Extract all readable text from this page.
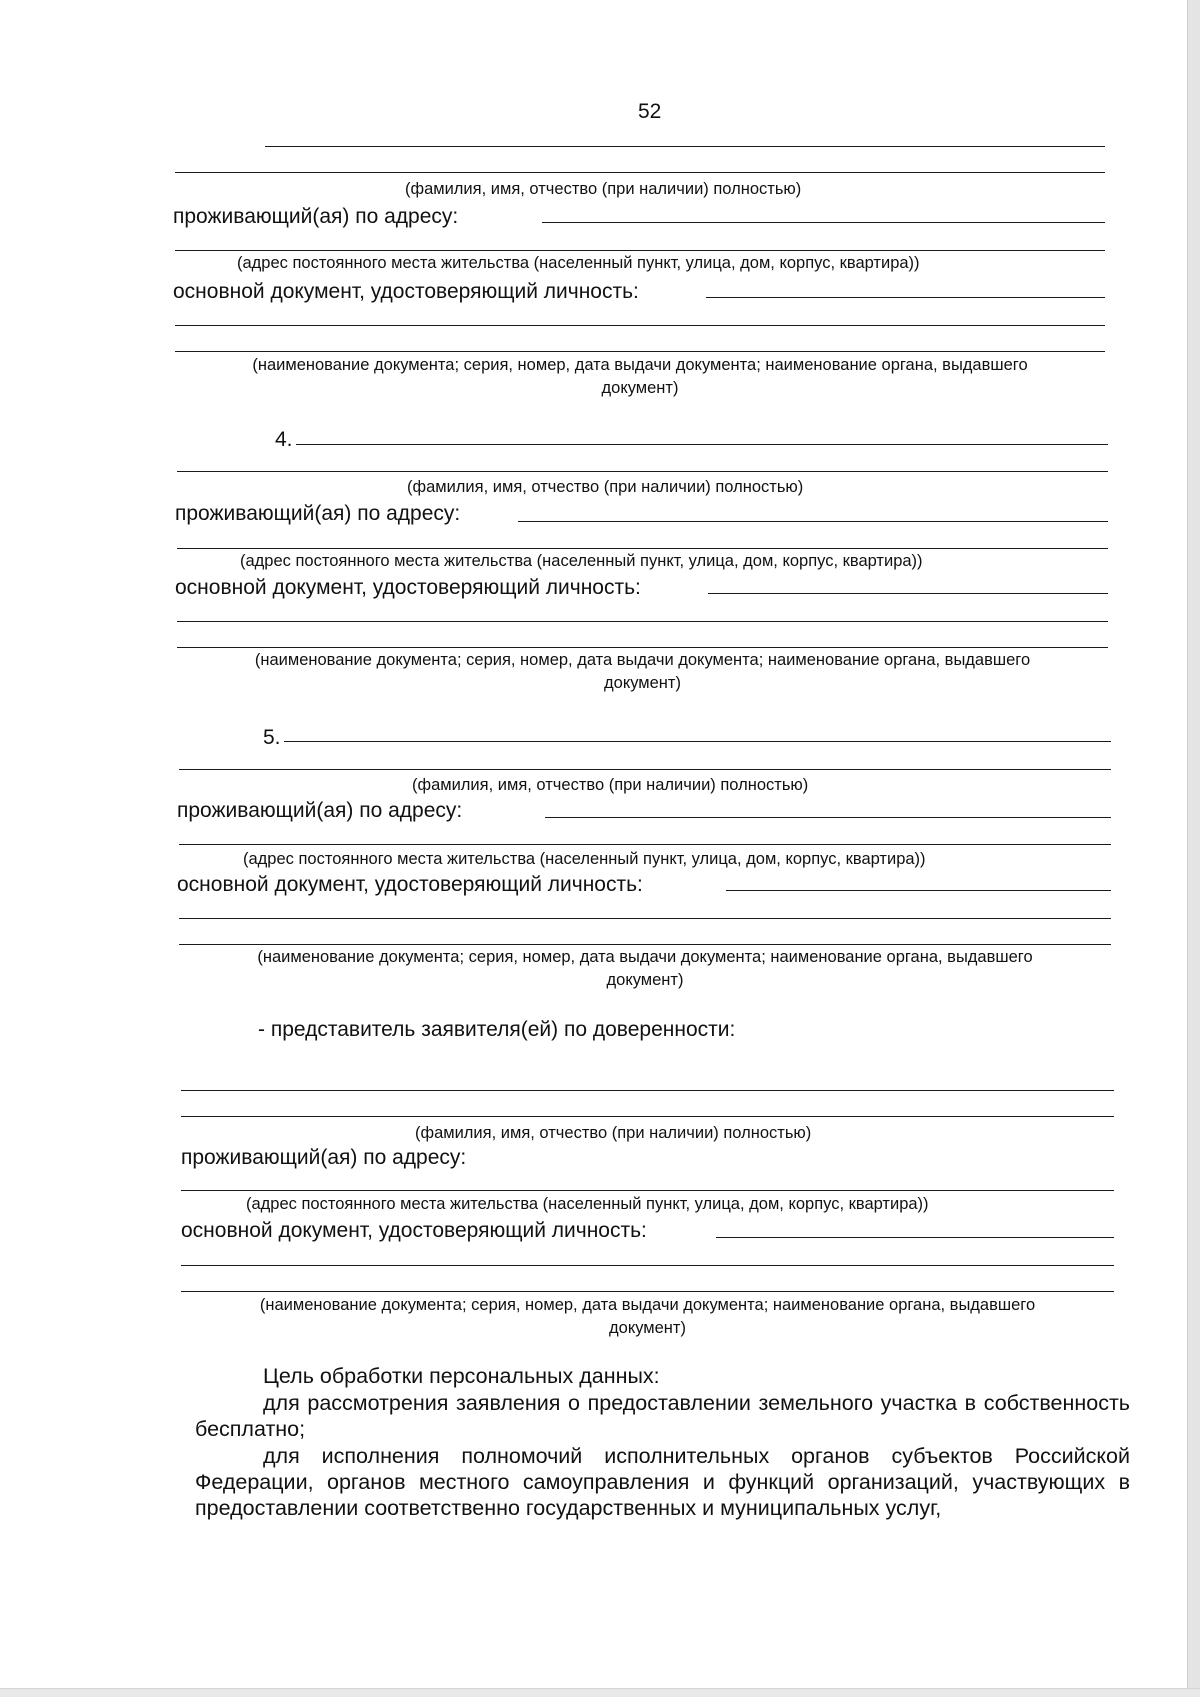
52
(фамилия, имя, отчество (при наличии) полностью)
проживающий(ая) по адресу:
(адрес постоянного места жительства (населенный пункт, улица, дом, корпус, квартира))
основной документ, удостоверяющий личность:
(наименование документа; серия, номер, дата выдачи документа; наименование органа, выдавшего
документ)
4.
(фамилия, имя, отчество (при наличии) полностью)
проживающий(ая) по адресу:
(адрес постоянного места жительства (населенный пункт, улица, дом, корпус, квартира))
основной документ, удостоверяющий личность:
(наименование документа; серия, номер, дата выдачи документа; наименование органа, выдавшего
документ)
5.
(фамилия, имя, отчество (при наличии) полностью)
проживающий(ая) по адресу:
(адрес постоянного места жительства (населенный пункт, улица, дом, корпус, квартира))
основной документ, удостоверяющий личность:
(наименование документа; серия, номер, дата выдачи документа; наименование органа, выдавшего
документ)
- представитель заявителя(ей) по доверенности:
(фамилия, имя, отчество (при наличии) полностью)
проживающий(ая) по адресу:
(адрес постоянного места жительства (населенный пункт, улица, дом, корпус, квартира))
основной документ, удостоверяющий личность:
(наименование документа; серия, номер, дата выдачи документа; наименование органа, выдавшего
документ)
Цель обработки персональных данных:
для рассмотрения заявления о предоставлении земельного участка в собственность бесплатно;
для исполнения полномочий исполнительных органов субъектов Российской Федерации, органов местного самоуправления и функций организаций, участвующих в предоставлении соответственно государственных и муниципальных услуг,
